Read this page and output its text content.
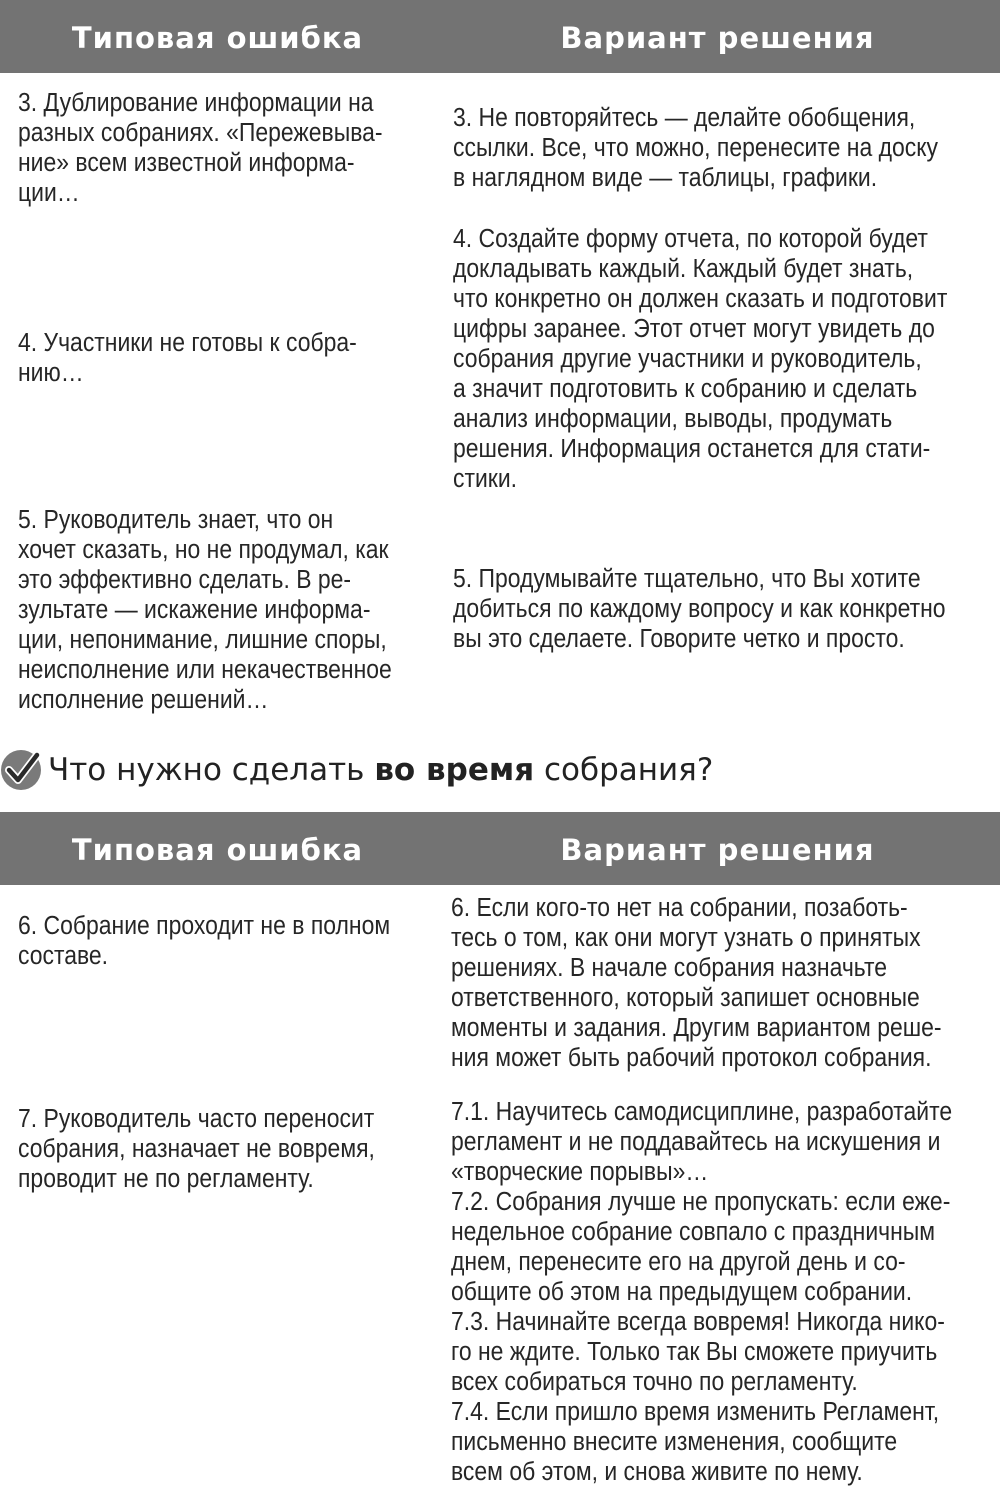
Типовая ошибка	Вариант решения
3. Дублирование информации на
разных собраниях. «Пережевыва-
ние» всем известной информа-
ции…
3. Не повторяйтесь — делайте обобщения,
ссылки. Все, что можно, перенесите на доску
в наглядном виде — таблицы, графики.
4. Участники не готовы к собра-
нию…
4. Создайте форму отчета, по которой будет
докладывать каждый. Каждый будет знать,
что конкретно он должен сказать и подготовит
цифры заранее. Этот отчет могут увидеть до
собрания другие участники и руководитель,
а значит подготовить к собранию и сделать
анализ информации, выводы, продумать
решения. Информация останется для стати-
стики.
5. Руководитель знает, что он
хочет сказать, но не продумал, как
это эффективно сделать. В ре-
зультате — искажение информа-
ции, непонимание, лишние споры,
неисполнение или некачественное
исполнение решений…
5. Продумывайте тщательно, что Вы хотите
добиться по каждому вопросу и как конкретно
вы это сделаете. Говорите четко и просто.
Что нужно сделать во время собрания?
Типовая ошибка	Вариант решения
6. Собрание проходит не в полном
составе.
6. Если кого-то нет на собрании, позаботь-
тесь о том, как они могут узнать о принятых
решениях. В начале собрания назначьте
ответственного, который запишет основные
моменты и задания. Другим вариантом реше-
ния может быть рабочий протокол собрания.
7. Руководитель часто переносит
собрания, назначает не вовремя,
проводит не по регламенту.
7.1. Научитесь самодисциплине, разработайте
регламент и не поддавайтесь на искушения и
«творческие порывы»…
7.2. Собрания лучше не пропускать: если еже-
недельное собрание совпало с праздничным
днем, перенесите его на другой день и со-
общите об этом на предыдущем собрании.
7.3. Начинайте всегда вовремя! Никогда нико-
го не ждите. Только так Вы сможете приучить
всех собираться точно по регламенту.
7.4. Если пришло время изменить Регламент,
письменно внесите изменения, сообщите
всем об этом, и снова живите по нему.
